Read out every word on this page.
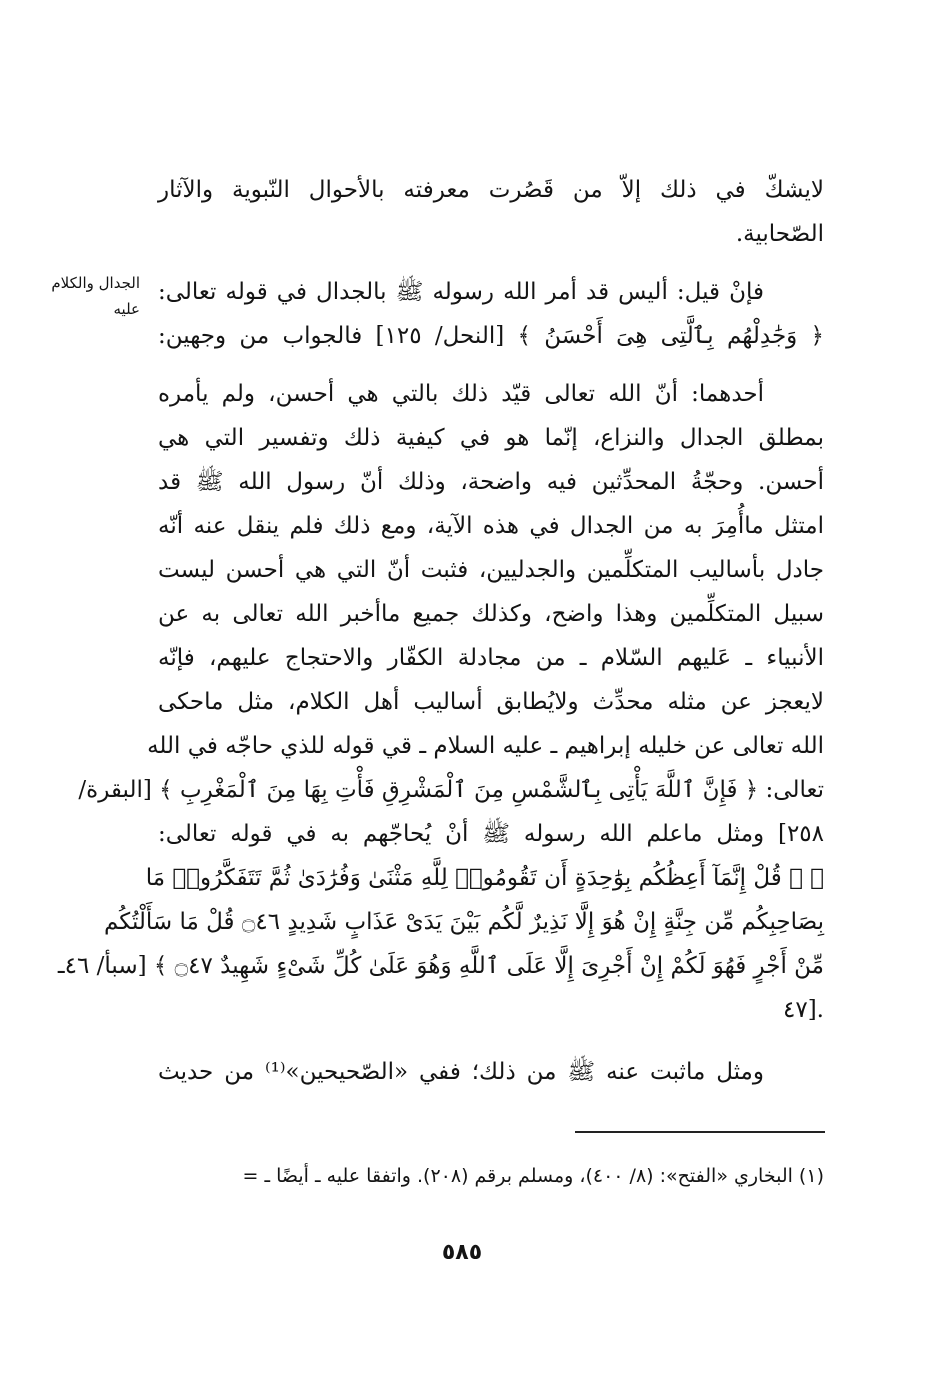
الجدال والكلام
عليه
لايشكّ في ذلك إلاّ من قَصُرت معرفته بالأحوال النّبوية والآثار
الصّحابية.
فإنْ قيل: أليس قد أمر الله رسوله ﷺ بالجدال في قوله تعالى:
﴿ وَجَٰدِلْهُم بِٱلَّتِى هِىَ أَحْسَنُ ﴾ [النحل/ ١٢٥] فالجواب من وجهين:
أحدهما: أنّ الله تعالى قيّد ذلك بالتي هي أحسن، ولم يأمره
بمطلق الجدال والنزاع، إنّما هو في كيفية ذلك وتفسير التي هي
أحسن. وحجّةُ المحدِّثين فيه واضحة، وذلك أنّ رسول الله ﷺ قد
امتثل ماأُمِرَ به من الجدال في هذه الآية، ومع ذلك فلم ينقل عنه أنّه
جادل بأساليب المتكلِّمين والجدليين، فثبت أنّ التي هي أحسن ليست
سبيل المتكلِّمين وهذا واضح، وكذلك جميع ماأخبر الله تعالى به عن
الأنبياء ـ عَليهم السّلام ـ من مجادلة الكفّار والاحتجاج عليهم، فإنّه
لايعجز عن مثله محدِّث ولايُطابق أساليب أهل الكلام، مثل ماحكى
الله تعالى عن خليله إبراهيم ـ عليه السلام ـ قي قوله للذي حاجّه في الله
تعالى: ﴿ فَإِنَّ ٱللَّهَ يَأْتِى بِٱلشَّمْسِ مِنَ ٱلْمَشْرِقِ فَأْتِ بِهَا مِنَ ٱلْمَغْرِبِ ﴾ [البقرة/
٢٥٨] ومثل ماعلم الله رسوله ﷺ أنْ يُحاجّهم به في قوله تعالى:
﴿ ۞ قُلْ إِنَّمَآ أَعِظُكُم بِوَٰحِدَةٍ أَن تَقُومُوا۟ لِلَّهِ مَثْنَىٰ وَفُرَٰدَىٰ ثُمَّ تَتَفَكَّرُوا۟ مَا
بِصَاحِبِكُم مِّن جِنَّةٍ إِنْ هُوَ إِلَّا نَذِيرٌ لَّكُم بَيْنَ يَدَىْ عَذَابٍ شَدِيدٍ ۝٤٦ قُلْ مَا سَأَلْتُكُم
مِّنْ أَجْرٍ فَهُوَ لَكُمْ إِنْ أَجْرِىَ إِلَّا عَلَى ٱللَّهِ وَهُوَ عَلَىٰ كُلِّ شَىْءٍ شَهِيدٌ ۝٤٧ ﴾ [سبأ/ ٤٦ـ
٤٧].
ومثل ماثبت عنه ﷺ من ذلك؛ ففي «الصّحيحين»⁽¹⁾ من حديث
(١) البخاري «الفتح»: (٨/ ٤٠٠)، ومسلم برقم (٢٠٨). واتفقا عليه ـ أيضًا ـ =
٥٨٥
